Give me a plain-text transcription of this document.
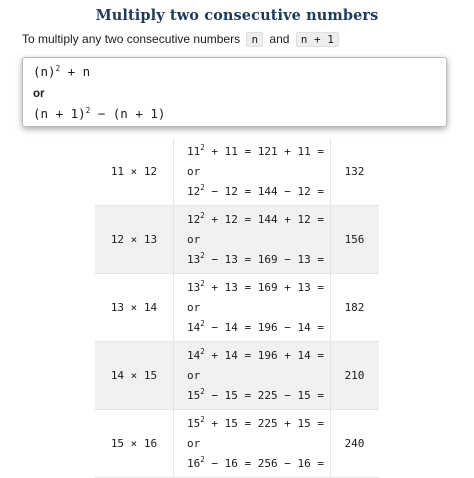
Multiply two consecutive numbers
To multiply any two consecutive numbers n and n + 1
$(n)^2 + n$
or
$(n + 1)^2 - (n + 1)$
11 × 12
$11^2 + 11 = 121 + 11$ =
or
$12^2 - 12 = 144 - 12$ =
132
12 × 13
$12^2 + 12 = 144 + 12$ =
or
$13^2 - 13 = 169 - 13$ =
156
13 × 14
$13^2 + 13 = 169 + 13$ =
or
$14^2 - 14 = 196 - 14$ =
182
14 × 15
$14^2 + 14 = 196 + 14$ =
or
$15^2 - 15 = 225 - 15$ =
210
15 × 16
$15^2 + 15 = 225 + 15$ =
or
$16^2 - 16 = 256 - 16$ =
240
